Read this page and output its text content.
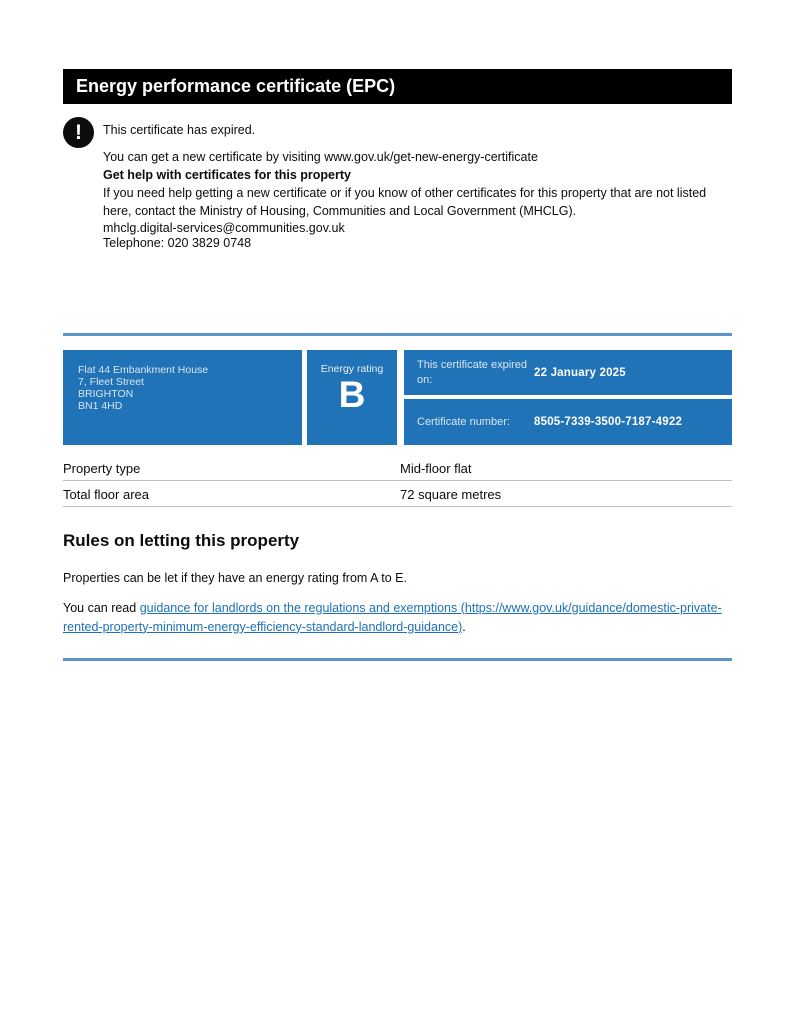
Energy performance certificate (EPC)
! This certificate has expired.

You can get a new certificate by visiting www.gov.uk/get-new-energy-certificate

Get help with certificates for this property

If you need help getting a new certificate or if you know of other certificates for this property that are not listed here, contact the Ministry of Housing, Communities and Local Government (MHCLG).

mhclg.digital-services@communities.gov.uk
Telephone: 020 3829 0748

Flat 44 Embankment House
7, Fleet Street
BRIGHTON
BN1 4HD
Energy rating
B
This certificate expired on:
22 January 2025
Certificate number:	8505-7339-3500-7187-4922
Property type	Mid-floor flat
Total floor area	72 square metres
Rules on letting this property

Properties can be let if they have an energy rating from A to E.

You can read guidance for landlords on the regulations and exemptions (https://www.gov.uk/guidance/domestic-private-rented-property-minimum-energy-efficiency-standard-landlord-guidance).
